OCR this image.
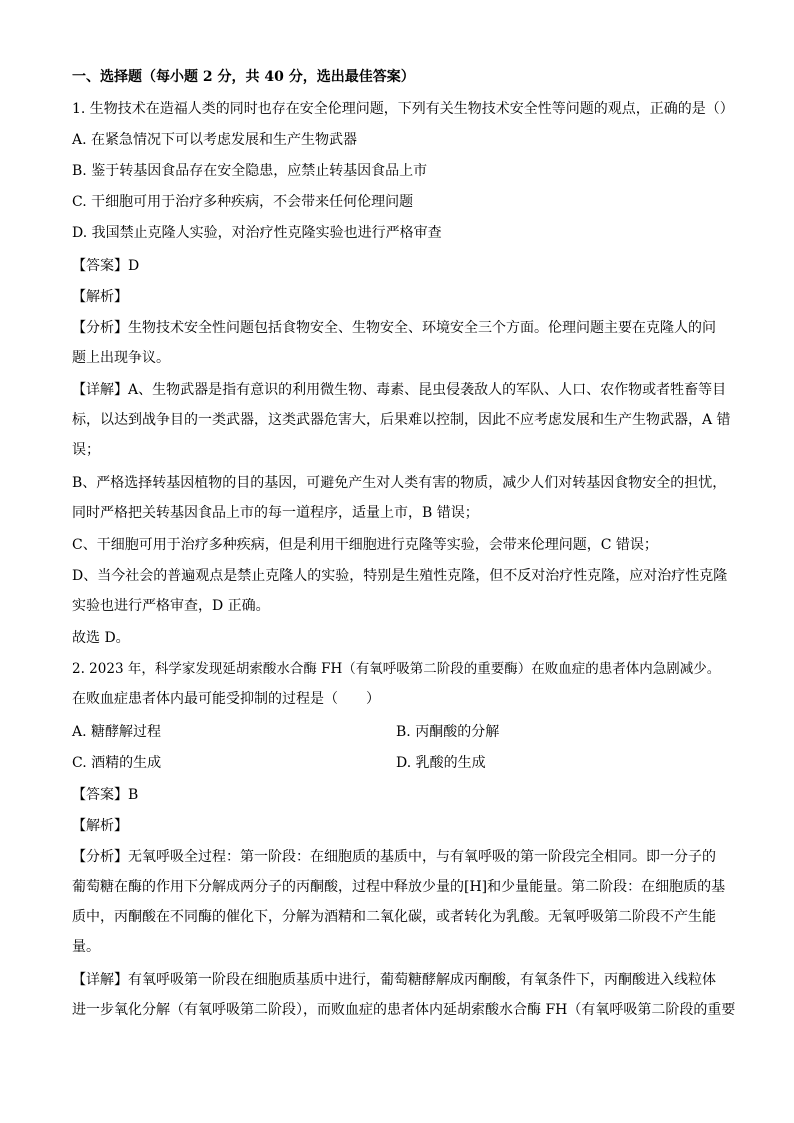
一、选择题（每小题 2 分，共 40 分，选出最佳答案）
1. 生物技术在造福人类的同时也存在安全伦理问题，下列有关生物技术安全性等问题的观点，正确的是（）
A. 在紧急情况下可以考虑发展和生产生物武器
B. 鉴于转基因食品存在安全隐患，应禁止转基因食品上市
C. 干细胞可用于治疗多种疾病，不会带来任何伦理问题
D. 我国禁止克隆人实验，对治疗性克隆实验也进行严格审查
【答案】D
【解析】
【分析】生物技术安全性问题包括食物安全、生物安全、环境安全三个方面。伦理问题主要在克隆人的问
题上出现争议。
【详解】A、生物武器是指有意识的利用微生物、毒素、昆虫侵袭敌人的军队、人口、农作物或者牲畜等目
标，以达到战争目的一类武器，这类武器危害大，后果难以控制，因此不应考虑发展和生产生物武器，A 错
误；
B、严格选择转基因植物的目的基因，可避免产生对人类有害的物质，减少人们对转基因食物安全的担忧，
同时严格把关转基因食品上市的每一道程序，适量上市，B 错误；
C、干细胞可用于治疗多种疾病，但是利用干细胞进行克隆等实验，会带来伦理问题，C 错误；
D、当今社会的普遍观点是禁止克隆人的实验，特别是生殖性克隆，但不反对治疗性克隆，应对治疗性克隆
实验也进行严格审查，D 正确。
故选 D。
2. 2023 年，科学家发现延胡索酸水合酶 FH（有氧呼吸第二阶段的重要酶）在败血症的患者体内急剧减少。
在败血症患者体内最可能受抑制的过程是（　　）
A. 糖酵解过程	B. 丙酮酸的分解
C. 酒精的生成	D. 乳酸的生成
【答案】B
【解析】
【分析】无氧呼吸全过程：第一阶段：在细胞质的基质中，与有氧呼吸的第一阶段完全相同。即一分子的
葡萄糖在酶的作用下分解成两分子的丙酮酸，过程中释放少量的[H]和少量能量。第二阶段：在细胞质的基
质中，丙酮酸在不同酶的催化下，分解为酒精和二氧化碳，或者转化为乳酸。无氧呼吸第二阶段不产生能
量。
【详解】有氧呼吸第一阶段在细胞质基质中进行，葡萄糖酵解成丙酮酸，有氧条件下，丙酮酸进入线粒体
进一步氧化分解（有氧呼吸第二阶段），而败血症的患者体内延胡索酸水合酶 FH（有氧呼吸第二阶段的重要
